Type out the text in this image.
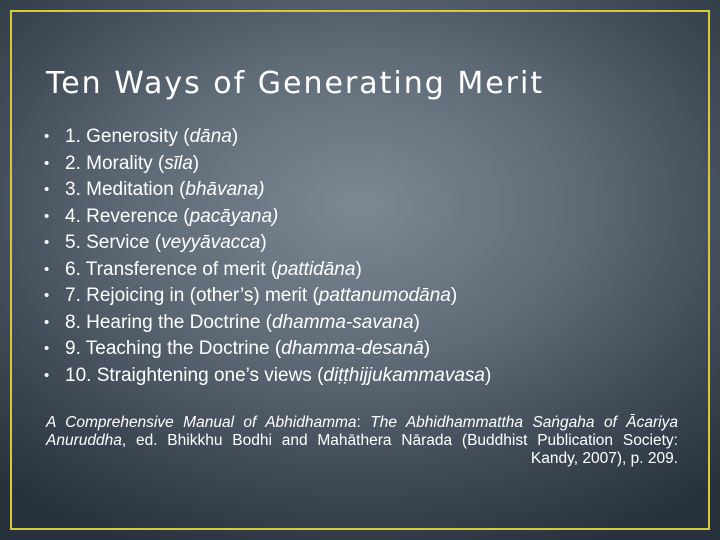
Ten Ways of Generating Merit
• 1. Generosity (dāna)
• 2. Morality (sīla)
• 3. Meditation (bhāvana)
• 4. Reverence (pacāyana)
• 5. Service (veyyāvacca)
• 6. Transference of merit (pattidāna)
• 7. Rejoicing in (other’s) merit (pattanumodāna)
• 8. Hearing the Doctrine (dhamma-savana)
• 9. Teaching the Doctrine (dhamma-desanā)
• 10. Straightening one’s views (diṭṭhijjukammavasa)

A Comprehensive Manual of Abhidhamma: The Abhidhammattha Saṅgaha of Ācariya Anuruddha, ed. Bhikkhu Bodhi and Mahāthera Nārada (Buddhist Publication Society: Kandy, 2007), p. 209.
